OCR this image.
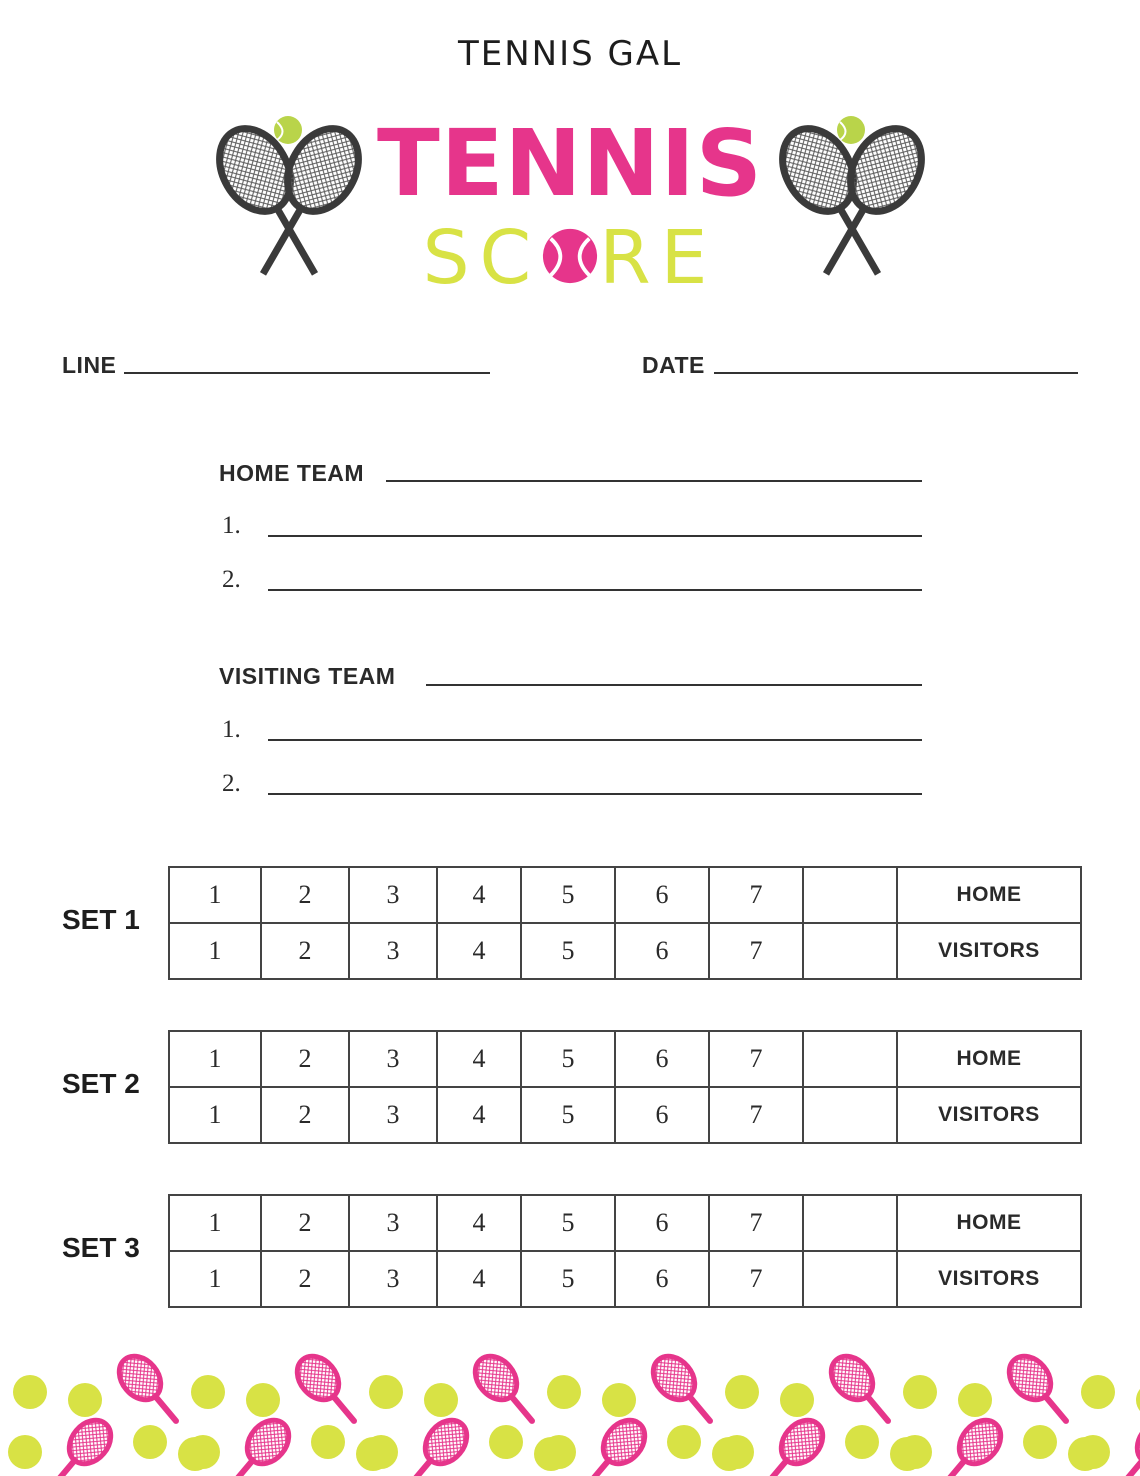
TENNIS GAL
TENNIS
SC RE
LINE	DATE
HOME TEAM
1.
2.
VISITING TEAM
1.
2.
SET 1
1	2	3	4	5	6	7		HOME
1	2	3	4	5	6	7		VISITORS
SET 2
1	2	3	4	5	6	7		HOME
1	2	3	4	5	6	7		VISITORS
SET 3
1	2	3	4	5	6	7		HOME
1	2	3	4	5	6	7		VISITORS
